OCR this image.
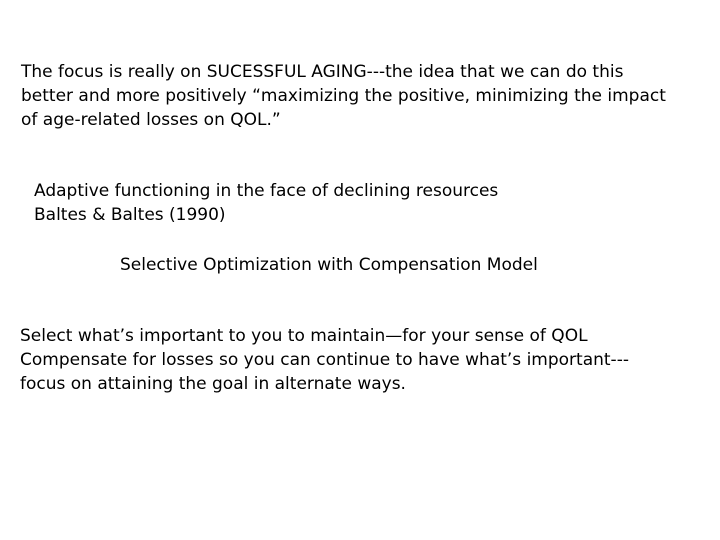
The focus is really on SUCESSFUL AGING---the idea that we can do this
better and more positively “maximizing the positive, minimizing the impact
of age-related losses on QOL.”
Adaptive functioning in the face of declining resources
Baltes & Baltes (1990)
Selective Optimization with Compensation Model
Select what’s important to you to maintain—for your sense of QOL
Compensate for losses so you can continue to have what’s important---
focus on attaining the goal in alternate ways.
